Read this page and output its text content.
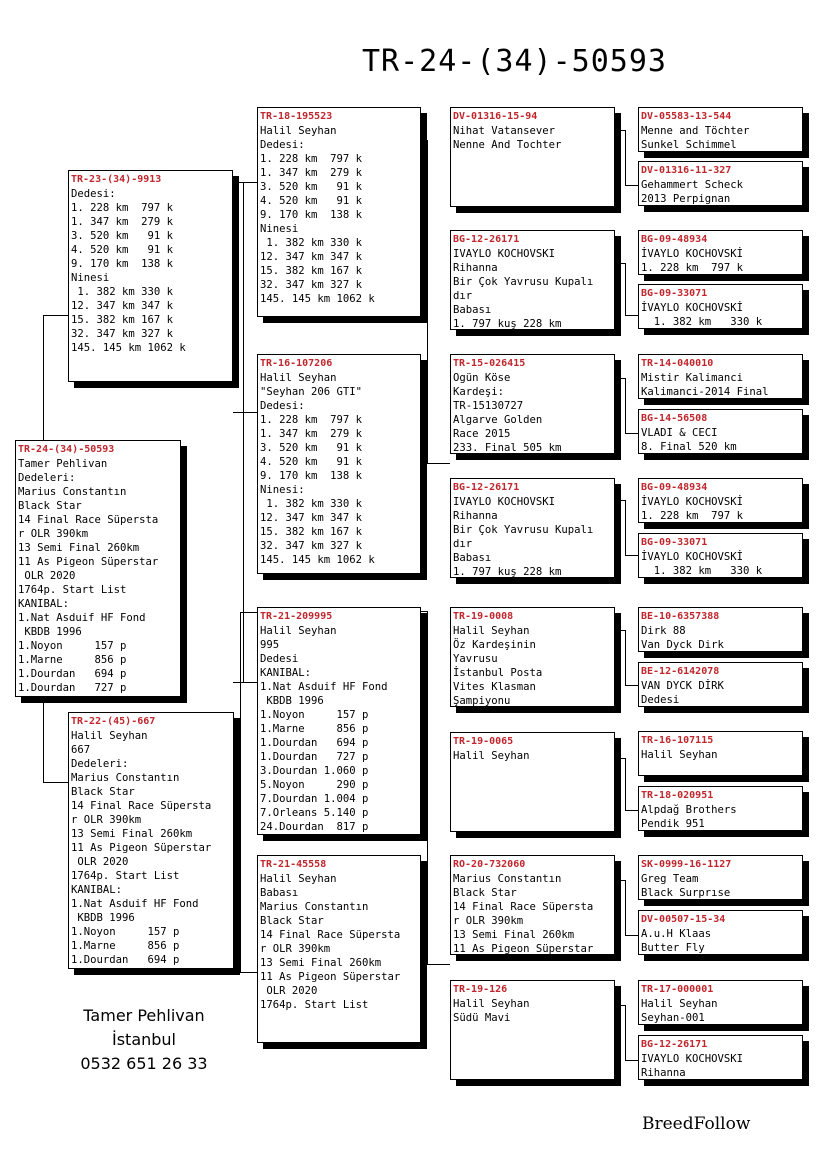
TR-24-(34)-50593
TR-24-(34)-50593
Tamer Pehlivan
Dedeleri:
Marius Constantın
Black Star
14 Final Race Süpersta
r OLR 390km
13 Semi Final 260km
11 As Pigeon Süperstar
OLR 2020
1764p. Start List
KANIBAL:
1.Nat Asduif HF Fond
KBDB 1996
1.Noyon     157 p
1.Marne     856 p
1.Dourdan   694 p
1.Dourdan   727 p
TR-23-(34)-9913
Dedesi:
1. 228 km  797 k
1. 347 km  279 k
3. 520 km   91 k
4. 520 km   91 k
9. 170 km  138 k
Ninesi
1. 382 km 330 k
12. 347 km 347 k
15. 382 km 167 k
32. 347 km 327 k
145. 145 km 1062 k
TR-22-(45)-667
Halil Seyhan
667
Dedeleri:
Marius Constantın
Black Star
14 Final Race Süpersta
r OLR 390km
13 Semi Final 260km
11 As Pigeon Süperstar
OLR 2020
1764p. Start List
KANIBAL:
1.Nat Asduif HF Fond
KBDB 1996
1.Noyon     157 p
1.Marne     856 p
1.Dourdan   694 p
TR-18-195523
Halil Seyhan
Dedesi:
1. 228 km  797 k
1. 347 km  279 k
3. 520 km   91 k
4. 520 km   91 k
9. 170 km  138 k
Ninesi
1. 382 km 330 k
12. 347 km 347 k
15. 382 km 167 k
32. 347 km 327 k
145. 145 km 1062 k
TR-16-107206
Halil Seyhan
"Seyhan 206 GTI"
Dedesi:
1. 228 km  797 k
1. 347 km  279 k
3. 520 km   91 k
4. 520 km   91 k
9. 170 km  138 k
Ninesi:
1. 382 km 330 k
12. 347 km 347 k
15. 382 km 167 k
32. 347 km 327 k
145. 145 km 1062 k
TR-21-209995
Halil Seyhan
995
Dedesi
KANIBAL:
1.Nat Asduif HF Fond
KBDB 1996
1.Noyon     157 p
1.Marne     856 p
1.Dourdan   694 p
1.Dourdan   727 p
3.Dourdan 1.060 p
5.Noyon     290 p
7.Dourdan 1.004 p
7.Orleans 5.140 p
24.Dourdan  817 p
TR-21-45558
Halil Seyhan
Babası
Marius Constantın
Black Star
14 Final Race Süpersta
r OLR 390km
13 Semi Final 260km
11 As Pigeon Süperstar
OLR 2020
1764p. Start List
DV-01316-15-94
Nihat Vatansever
Nenne And Tochter
BG-12-26171
IVAYLO KOCHOVSKI
Rihanna
Bir Çok Yavrusu Kupalı
dır
Babası
1. 797 kuş 228 km
TR-15-026415
Ogün Köse
Kardeşi:
TR-15130727
Algarve Golden
Race 2015
233. Final 505 km
BG-12-26171
IVAYLO KOCHOVSKI
Rihanna
Bir Çok Yavrusu Kupalı
dır
Babası
1. 797 kuş 228 km
TR-19-0008
Halil Seyhan
Öz Kardeşinin
Yavrusu
İstanbul Posta
Vites Klasman
Şampiyonu
TR-19-0065
Halil Seyhan
RO-20-732060
Marius Constantın
Black Star
14 Final Race Süpersta
r OLR 390km
13 Semi Final 260km
11 As Pigeon Süperstar
TR-19-126
Halil Seyhan
Südü Mavi
DV-05583-13-544
Menne and Töchter
Sunkel Schimmel
DV-01316-11-327
Gehammert Scheck
2013 Perpignan
BG-09-48934
İVAYLO KOCHOVSKİ
1. 228 km  797 k
BG-09-33071
İVAYLO KOCHOVSKİ
1. 382 km   330 k
TR-14-040010
Mistir Kalimanci
Kalimanci-2014 Final
BG-14-56508
VLADI & CECI
8. Final 520 km
BG-09-48934
İVAYLO KOCHOVSKİ
1. 228 km  797 k
BG-09-33071
İVAYLO KOCHOVSKİ
1. 382 km   330 k
BE-10-6357388
Dirk 88
Van Dyck Dirk
BE-12-6142078
VAN DYCK DİRK
Dedesi
TR-16-107115
Halil Seyhan
TR-18-020951
Alpdağ Brothers
Pendik 951
SK-0999-16-1127
Greg Team
Black Surprıse
DV-00507-15-34
A.u.H Klaas
Butter Fly
TR-17-000001
Halil Seyhan
Seyhan-001
BG-12-26171
IVAYLO KOCHOVSKI
Rihanna
Tamer Pehlivan
İstanbul
0532 651 26 33
BreedFollow
